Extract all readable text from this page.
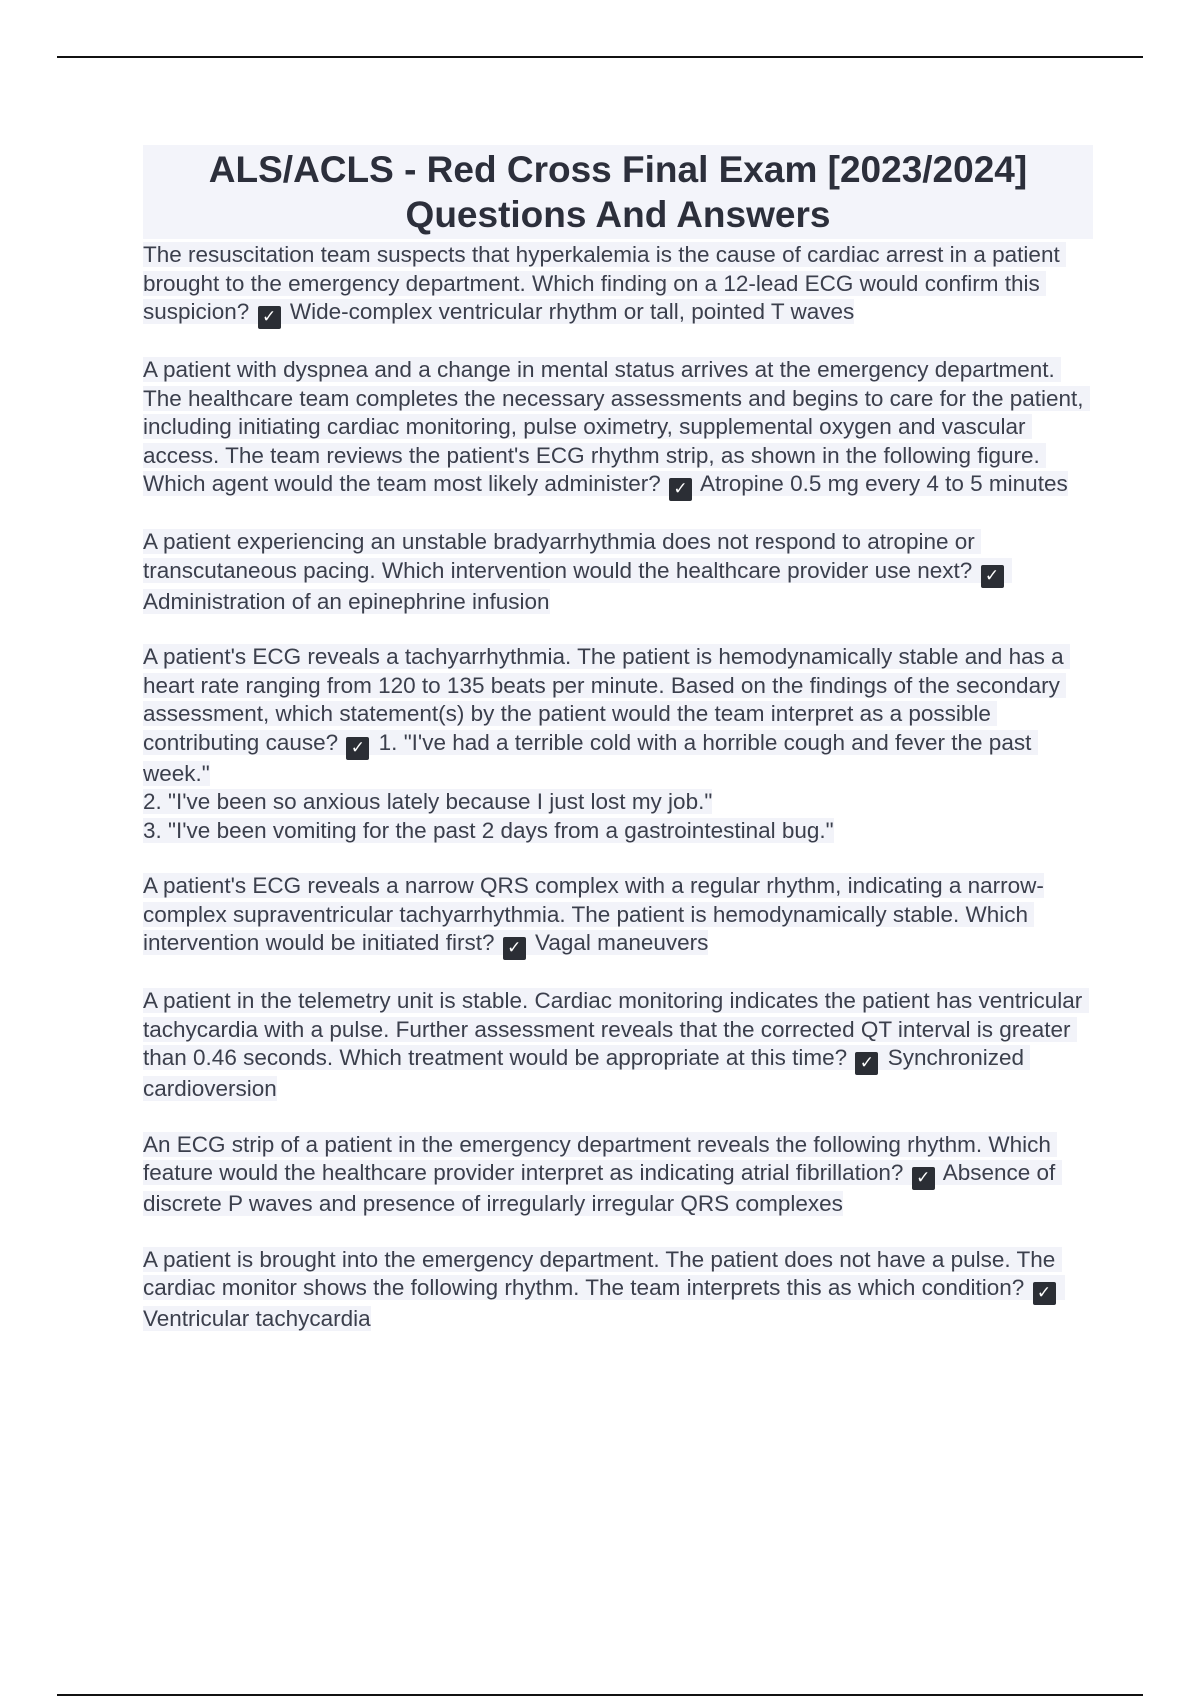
ALS/ACLS - Red Cross Final Exam [2023/2024] Questions And Answers

The resuscitation team suspects that hyperkalemia is the cause of cardiac arrest in a patient brought to the emergency department. Which finding on a 12-lead ECG would confirm this suspicion? ✓ Wide-complex ventricular rhythm or tall, pointed T waves

A patient with dyspnea and a change in mental status arrives at the emergency department. The healthcare team completes the necessary assessments and begins to care for the patient, including initiating cardiac monitoring, pulse oximetry, supplemental oxygen and vascular access. The team reviews the patient's ECG rhythm strip, as shown in the following figure. Which agent would the team most likely administer? ✓ Atropine 0.5 mg every 4 to 5 minutes

A patient experiencing an unstable bradyarrhythmia does not respond to atropine or transcutaneous pacing. Which intervention would the healthcare provider use next? ✓ Administration of an epinephrine infusion

A patient's ECG reveals a tachyarrhythmia. The patient is hemodynamically stable and has a heart rate ranging from 120 to 135 beats per minute. Based on the findings of the secondary assessment, which statement(s) by the patient would the team interpret as a possible contributing cause? ✓ 1. "I've had a terrible cold with a horrible cough and fever the past week."
2. "I've been so anxious lately because I just lost my job."
3. "I've been vomiting for the past 2 days from a gastrointestinal bug."

A patient's ECG reveals a narrow QRS complex with a regular rhythm, indicating a narrow-complex supraventricular tachyarrhythmia. The patient is hemodynamically stable. Which intervention would be initiated first? ✓ Vagal maneuvers

A patient in the telemetry unit is stable. Cardiac monitoring indicates the patient has ventricular tachycardia with a pulse. Further assessment reveals that the corrected QT interval is greater than 0.46 seconds. Which treatment would be appropriate at this time? ✓ Synchronized cardioversion

An ECG strip of a patient in the emergency department reveals the following rhythm. Which feature would the healthcare provider interpret as indicating atrial fibrillation? ✓ Absence of discrete P waves and presence of irregularly irregular QRS complexes

A patient is brought into the emergency department. The patient does not have a pulse. The cardiac monitor shows the following rhythm. The team interprets this as which condition? ✓ Ventricular tachycardia
